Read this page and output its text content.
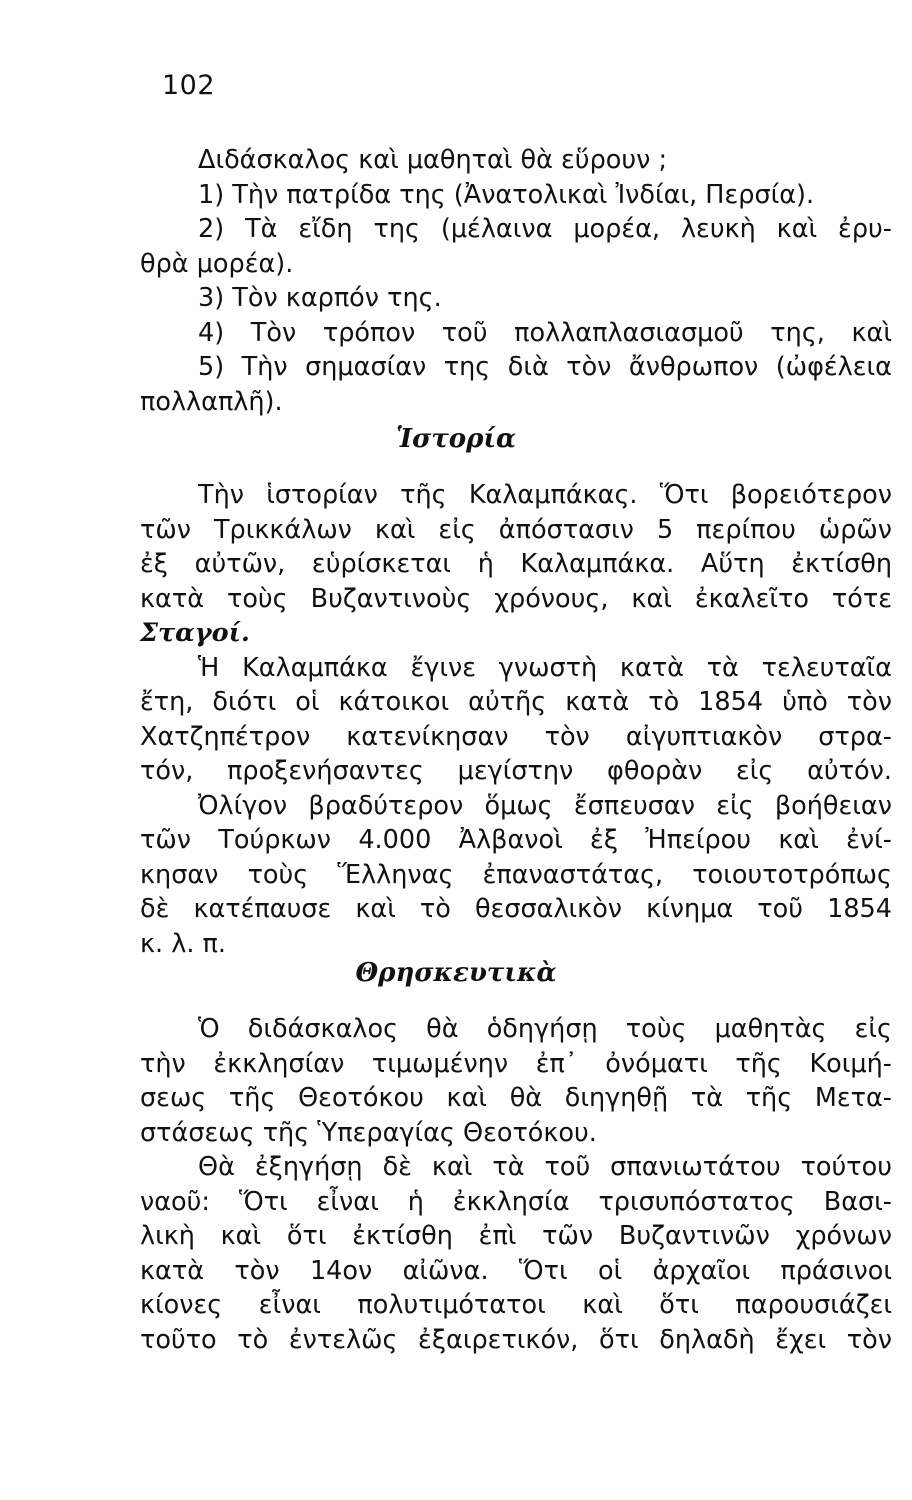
102
Διδάσκαλος καὶ μαθηταὶ θὰ εὕρουν ;
1) Τὴν πατρίδα της (Ἀνατολικαὶ Ἰνδίαι, Περσία).
2) Τὰ εἴδη της (μέλαινα μορέα, λευκὴ καὶ ἐρυ-
θρὰ μορέα).
3) Τὸν καρπόν της.
4) Τὸν τρόπον τοῦ πολλαπλασιασμοῦ της, καὶ
5) Τὴν σημασίαν της διὰ τὸν ἄνθρωπον (ὠφέλεια
πολλαπλῆ).
Ἱστορία
Τὴν ἱστορίαν τῆς Καλαμπάκας. Ὅτι βορειότερον
τῶν Τρικκάλων καὶ εἰς ἀπόστασιν 5 περίπου ὡρῶν
ἐξ αὐτῶν, εὑρίσκεται ἡ Καλαμπάκα. Αὕτη ἐκτίσθη
κατὰ τοὺς Βυζαντινοὺς χρόνους, καὶ ἐκαλεῖτο τότε
Σταγοί.
Ἡ Καλαμπάκα ἔγινε γνωστὴ κατὰ τὰ τελευταῖα
ἔτη, διότι οἱ κάτοικοι αὐτῆς κατὰ τὸ 1854 ὑπὸ τὸν
Χατζηπέτρον κατενίκησαν τὸν αἰγυπτιακὸν στρα-
τόν, προξενήσαντες μεγίστην φθορὰν εἰς αὐτόν.
Ὀλίγον βραδύτερον ὅμως ἔσπευσαν εἰς βοήθειαν
τῶν Τούρκων 4.000 Ἀλβανοὶ ἐξ Ἠπείρου καὶ ἐνί-
κησαν τοὺς Ἕλληνας ἐπαναστάτας, τοιουτοτρόπως
δὲ κατέπαυσε καὶ τὸ θεσσαλικὸν κίνημα τοῦ 1854
κ. λ. π.
Θρησκευτικὰ
Ὁ διδάσκαλος θὰ ὁδηγήσῃ τοὺς μαθητὰς εἰς
τὴν ἐκκλησίαν τιμωμένην ἐπ᾽ ὀνόματι τῆς Κοιμή-
σεως τῆς Θεοτόκου καὶ θὰ διηγηθῇ τὰ τῆς Μετα-
στάσεως τῆς Ὑπεραγίας Θεοτόκου.
Θὰ ἐξηγήσῃ δὲ καὶ τὰ τοῦ σπανιωτάτου τούτου
ναοῦ: Ὅτι εἶναι ἡ ἐκκλησία τρισυπόστατος Βασι-
λικὴ καὶ ὅτι ἐκτίσθη ἐπὶ τῶν Βυζαντινῶν χρόνων
κατὰ τὸν 14ον αἰῶνα. Ὅτι οἱ ἀρχαῖοι πράσινοι
κίονες εἶναι πολυτιμότατοι καὶ ὅτι παρουσιάζει
τοῦτο τὸ ἐντελῶς ἐξαιρετικόν, ὅτι δηλαδὴ ἔχει τὸν
